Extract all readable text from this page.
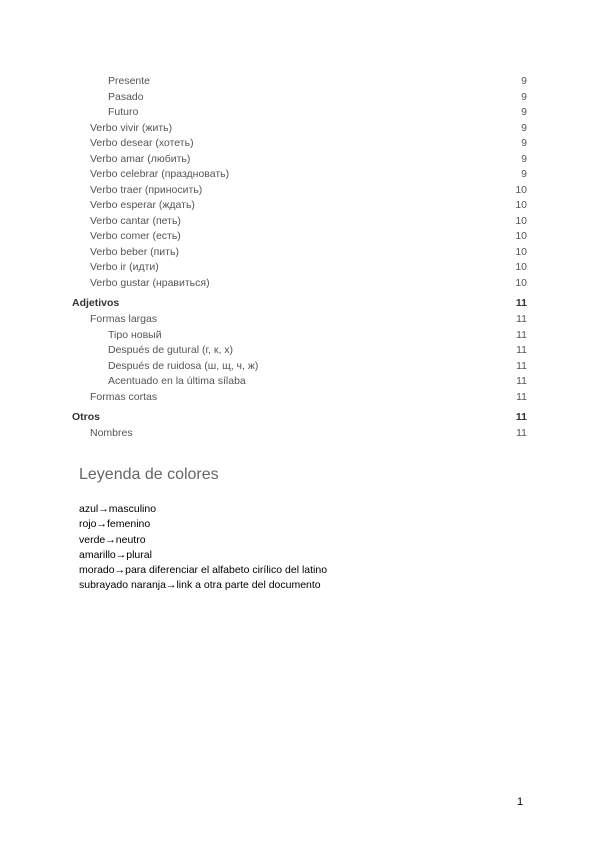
Presente	9
Pasado	9
Futuro	9
Verbo vivir (жить)	9
Verbo desear (хотеть)	9
Verbo amar (любить)	9
Verbo celebrar (праздновать)	9
Verbo traer (приносить)	10
Verbo esperar (ждать)	10
Verbo cantar (петь)	10
Verbo comer (есть)	10
Verbo beber (пить)	10
Verbo ir (идти)	10
Verbo gustar (нравиться)	10
Adjetivos	11
Formas largas	11
Tipo новый	11
Después de gutural (г, к, х)	11
Después de ruidosa (ш, щ, ч, ж)	11
Acentuado en la última sílaba	11
Formas cortas	11
Otros	11
Nombres	11
Leyenda de colores
azul→masculino
rojo→femenino
verde→neutro
amarillo→plural
morado→para diferenciar el alfabeto cirílico del latino
subrayado naranja→link a otra parte del documento
1
